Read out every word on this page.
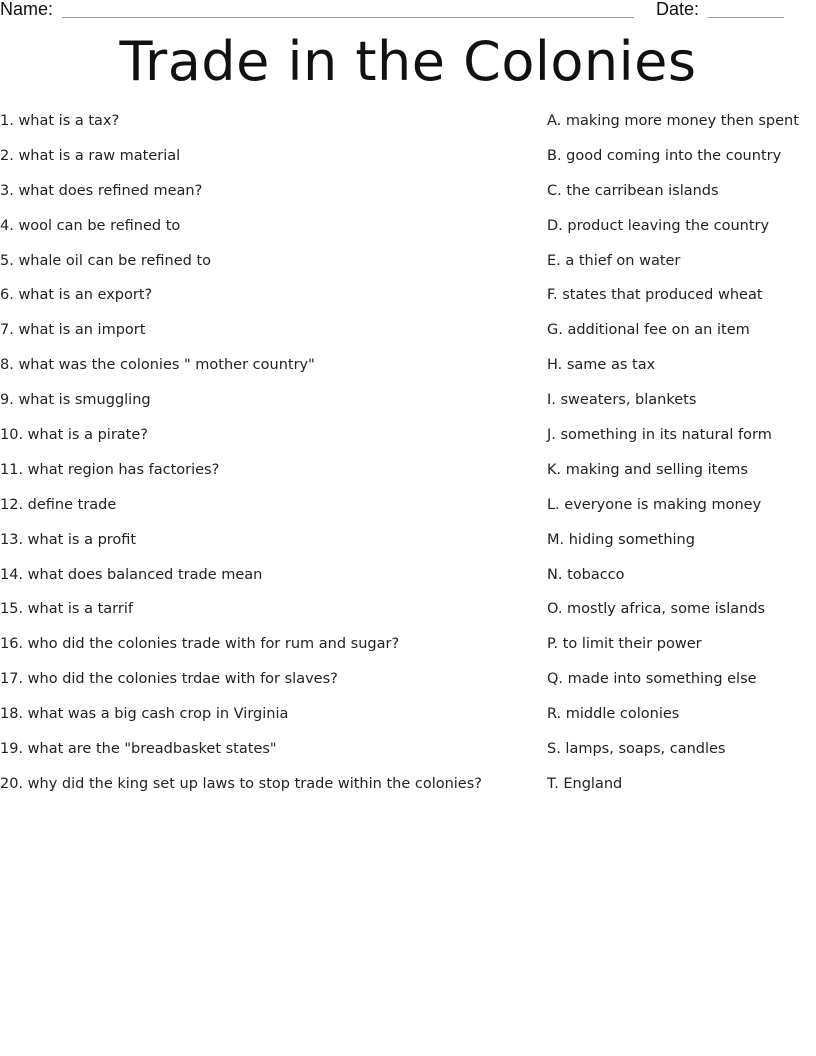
Name:	Date:
Trade in the Colonies
1. what is a tax?
2. what is a raw material
3. what does refined mean?
4. wool can be refined to
5. whale oil can be refined to
6. what is an export?
7. what is an import
8. what was the colonies " mother country"
9. what is smuggling
10. what is a pirate?
11. what region has factories?
12. define trade
13. what is a profit
14. what does balanced trade mean
15. what is a tarrif
16. who did the colonies trade with for rum and sugar?
17. who did the colonies trdae with for slaves?
18. what was a big cash crop in Virginia
19. what are the "breadbasket states"
20. why did the king set up laws to stop trade within the colonies?
A. making more money then spent
B. good coming into the country
C. the carribean islands
D. product leaving the country
E. a thief on water
F. states that produced wheat
G. additional fee on an item
H. same as tax
I. sweaters, blankets
J. something in its natural form
K. making and selling items
L. everyone is making money
M. hiding something
N. tobacco
O. mostly africa, some islands
P. to limit their power
Q. made into something else
R. middle colonies
S. lamps, soaps, candles
T. England
